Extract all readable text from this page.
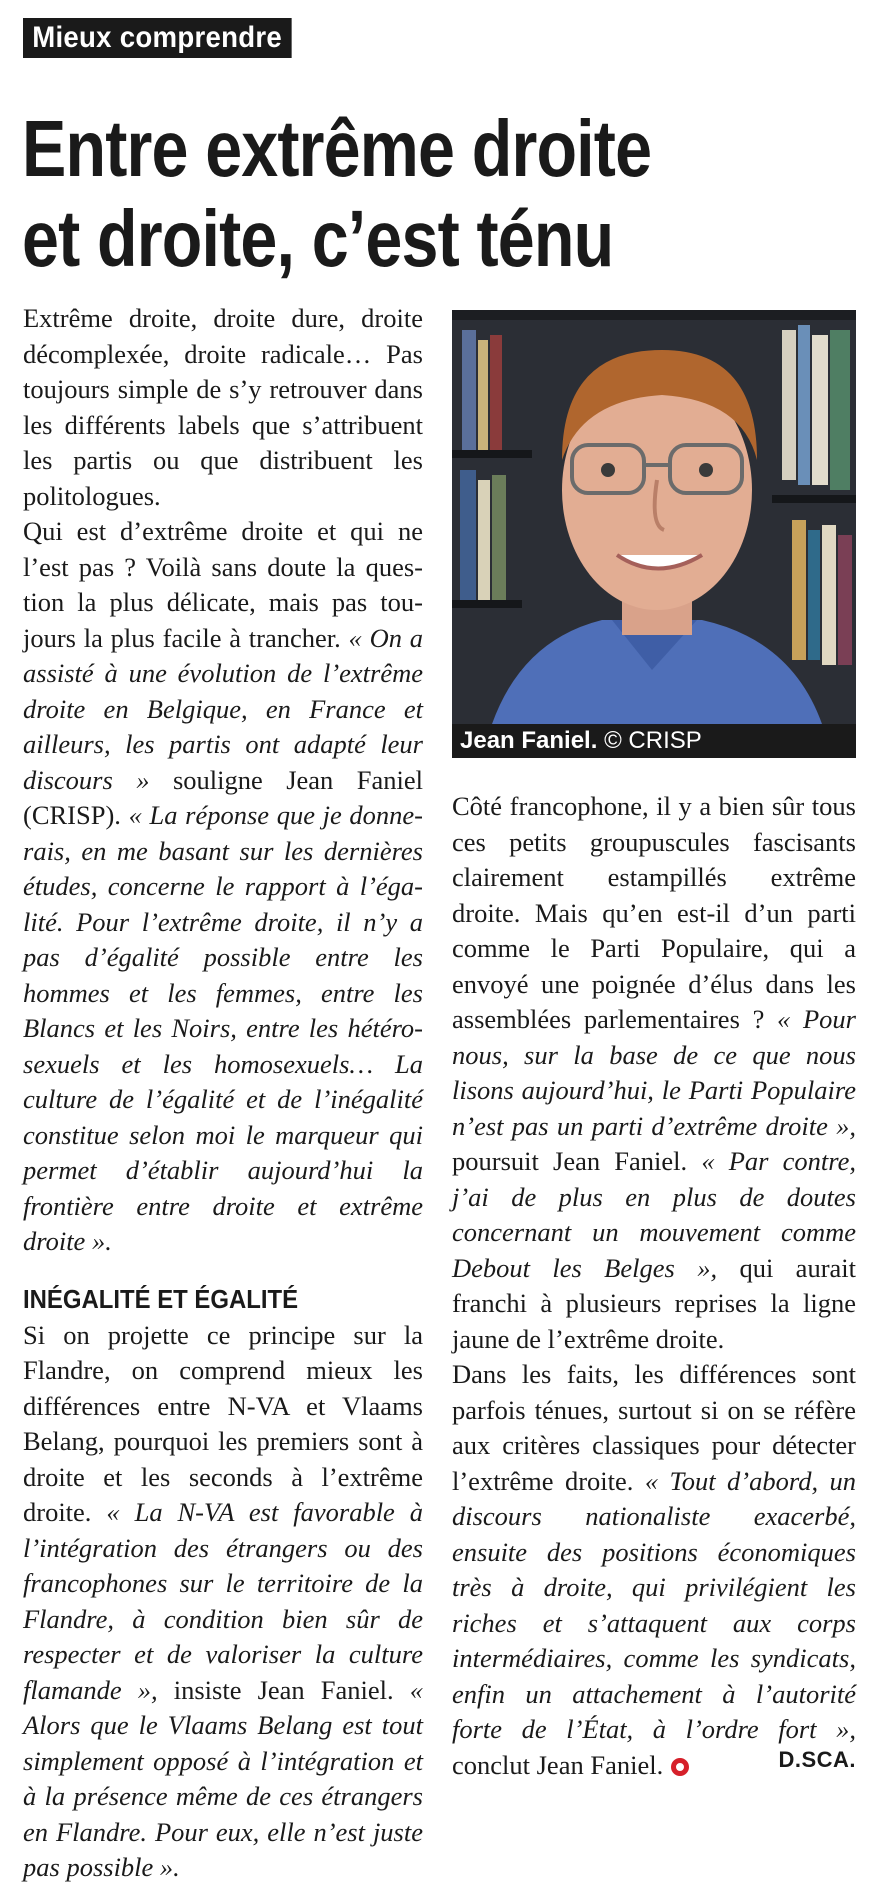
Mieux comprendre
Entre extrême droite
et droite, c’est ténu

Extrême droite, droite dure, droite décomplexée, droite radicale… Pas toujours simple de s’y retrouver dans les différents labels que s’attribuent les partis ou que distribuent les politologues.

Qui est d’extrême droite et qui ne l’est pas ? Voilà sans doute la question la plus délicate, mais pas toujours la plus facile à trancher. « On a assisté à une évolution de l’extrême droite en Belgique, en France et ailleurs, les partis ont adapté leur discours » souligne Jean Faniel (CRISP). « La réponse que je donnerais, en me basant sur les dernières études, concerne le rapport à l’égalité. Pour l’extrême droite, il n’y a pas d’égalité possible entre les hommes et les femmes, entre les Blancs et les Noirs, entre les hétérosexuels et les homosexuels… La culture de l’égalité et de l’inégalité constitue selon moi le marqueur qui permet d’établir aujourd’hui la frontière entre droite et extrême droite ».

INÉGALITÉ ET ÉGALITÉ

Si on projette ce principe sur la Flandre, on comprend mieux les différences entre N-VA et Vlaams Belang, pourquoi les premiers sont à droite et les seconds à l’extrême droite. « La N-VA est favorable à l’intégration des étrangers ou des francophones sur le territoire de la Flandre, à condition bien sûr de respecter et de valoriser la culture flamande », insiste Jean Faniel. « Alors que le Vlaams Belang est tout simplement opposé à l’intégration et à la présence même de ces étrangers en Flandre. Pour eux, elle n’est juste pas possible ».

Jean Faniel. © CRISP

Côté francophone, il y a bien sûr tous ces petits groupuscules fascisants clairement estampillés extrême droite. Mais qu’en est-il d’un parti comme le Parti Populaire, qui a envoyé une poignée d’élus dans les assemblées parlementaires ? « Pour nous, sur la base de ce que nous lisons aujourd’hui, le Parti Populaire n’est pas un parti d’extrême droite », poursuit Jean Faniel. « Par contre, j’ai de plus en plus de doutes concernant un mouvement comme Debout les Belges », qui aurait franchi à plusieurs reprises la ligne jaune de l’extrême droite.

Dans les faits, les différences sont parfois ténues, surtout si on se réfère aux critères classiques pour détecter l’extrême droite. « Tout d’abord, un discours nationaliste exacerbé, ensuite des positions économiques très à droite, qui privilégient les riches et s’attaquent aux corps intermédiaires, comme les syndicats, enfin un attachement à l’autorité forte de l’État, à l’ordre fort », conclut Jean Faniel.	D.SCA.
